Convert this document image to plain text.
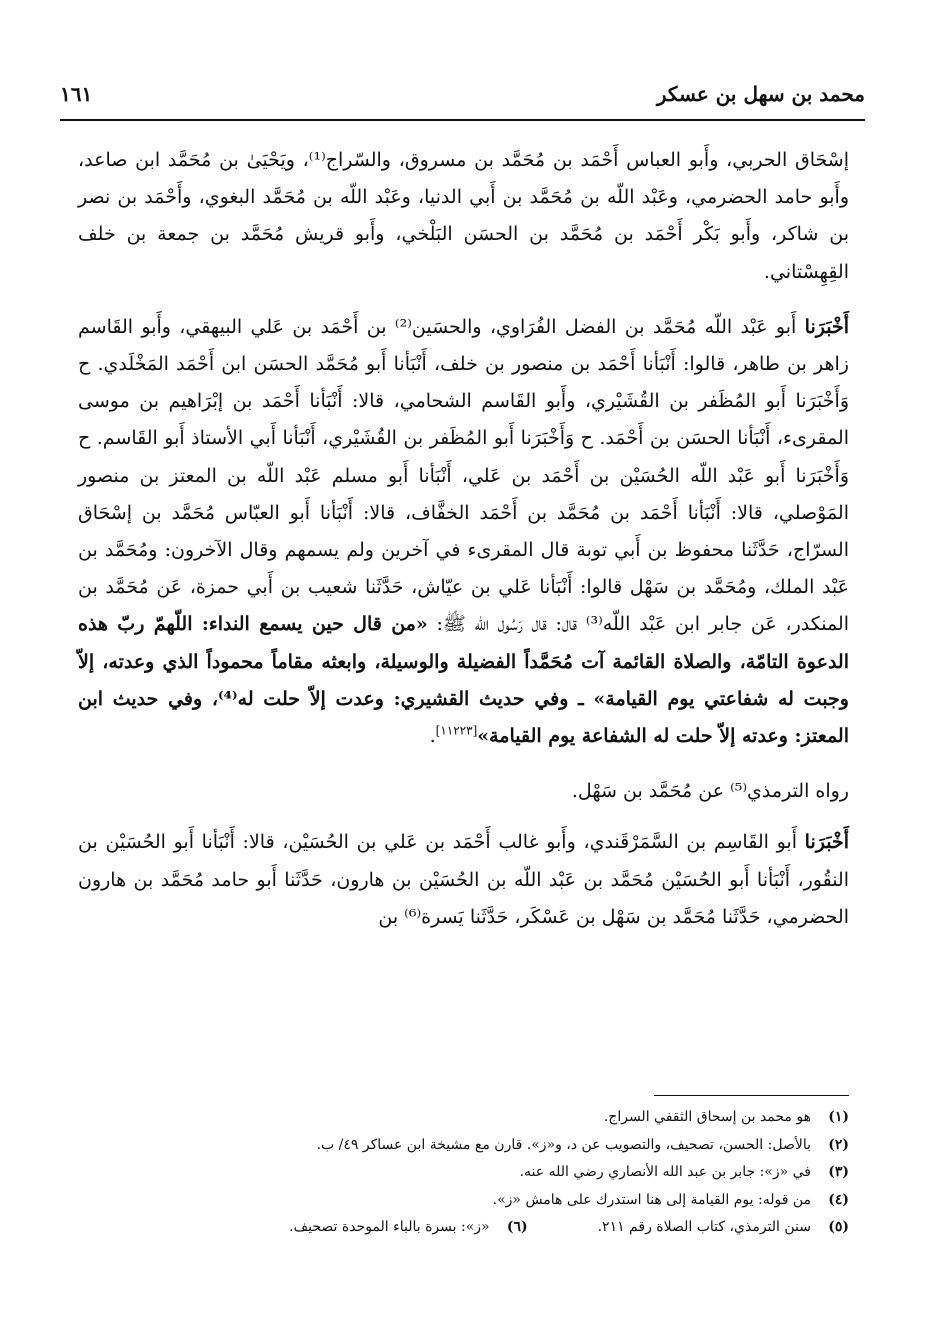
١٦١	محمد بن سهل بن عسكر

إسْحَاق الحربي، وأَبو العباس أَحْمَد بن مُحَمَّد بن مسروق، والسّراج⁽¹⁾، ويَحْيَىٰ بن مُحَمَّد ابن صاعد، وأَبو حامد الحضرمي، وعَبْد اللّه بن مُحَمَّد بن أَبي الدنيا، وعَبْد اللّه بن مُحَمَّد البغوي، وأَحْمَد بن نصر بن شاكر، وأَبو بَكْر أَحْمَد بن مُحَمَّد بن الحسَن البَلْخي، وأَبو قريش مُحَمَّد بن جمعة بن خلف القِهِسْتاني.

أَخْبَرَنا أَبو عَبْد اللّه مُحَمَّد بن الفضل الفُرَاوي، والحسَين⁽²⁾ بن أَحْمَد بن عَلي البيهقي، وأَبو القَاسم زاهر بن طاهر، قالوا: أَنْبَأنا أَحْمَد بن منصور بن خلف، أَنْبَأنا أَبو مُحَمَّد الحسَن ابن أَحْمَد المَخْلَدي. ح وَأَخْبَرَنا أَبو المُظَفر بن القُشَيْري، وأَبو القَاسم الشحامي، قالا: أَنْبَأنا أَحْمَد بن إبْرَاهيم بن موسى المقرىء، أَنْبَأنا الحسَن بن أَحْمَد. ح وَأَخْبَرَنا أَبو المُظَفر بن القُشَيْري، أَنْبَأنا أَبي الأستاذ أَبو القَاسم. ح وَأَخْبَرَنا أَبو عَبْد اللّه الحُسَيْن بن أَحْمَد بن عَلي، أَنْبَأنا أَبو مسلم عَبْد اللّه بن المعتز بن منصور المَوْصلي، قالا: أَنْبَأنا أَحْمَد بن مُحَمَّد بن أَحْمَد الخفَّاف، قالا: أَنْبَأنا أَبو العبّاس مُحَمَّد بن إسْحَاق السرّاج، حَدَّثَنا محفوظ بن أَبي توبة قال المقرىء في آخرين ولم يسمهم وقال الآخرون: ومُحَمَّد بن عَبْد الملك، ومُحَمَّد بن سَهْل قالوا: أَنْبَأنا عَلي بن عيّاش، حَدَّثَنا شعيب بن أَبي حمزة، عَن مُحَمَّد بن المنكدر، عَن جابر ابن عَبْد اللّه⁽³⁾ قال: قال رَسُول اللّه ﷺ: «من قال حين يسمع النداء: اللّهمّ ربّ هذه الدعوة التامّة، والصلاة القائمة آت مُحَمَّداً الفضيلة والوسيلة، وابعثه مقاماً محموداً الذي وعدته، إلاّ وجبت له شفاعتي يوم القيامة» ـ وفي حديث القشيري: وعدت إلاّ حلت له⁽⁴⁾، وفي حديث ابن المعتز: وعدته إلاّ حلت له الشفاعة يوم القيامة»[١١٢٢٣].

رواه الترمذي⁽⁵⁾ عن مُحَمَّد بن سَهْل.

أَخْبَرَنا أَبو القَاسِم بن السَّمَرْقَندي، وأَبو غالب أَحْمَد بن عَلي بن الحُسَيْن، قالا: أَنْبَأنا أَبو الحُسَيْن بن النقُور، أَنْبَأنا أَبو الحُسَيْن مُحَمَّد بن عَبْد اللّه بن الحُسَيْن بن هارون، حَدَّثَنا أَبو حامد مُحَمَّد بن هارون الحضرمي، حَدَّثَنا مُحَمَّد بن سَهْل بن عَسْكَر، حَدَّثَنا يَسرة⁽⁶⁾ بن

(١)
هو محمد بن إسحاق الثقفي السراج.
(٢)
بالأصل: الحسن، تصحيف، والتصويب عن د، و«ز». قارن مع مشيخة ابن عساكر ٤٩/ ب.
(٣)
في «ز»: جابر بن عبد الله الأنصاري رضي الله عنه.
(٤)
من قوله: يوم القيامة إلى هنا استدرك على هامش «ز».
(٥)
سنن الترمذي، كتاب الصلاة رقم ٢١١.
(٦)
«ز»: بسرة بالباء الموحدة تصحيف.
